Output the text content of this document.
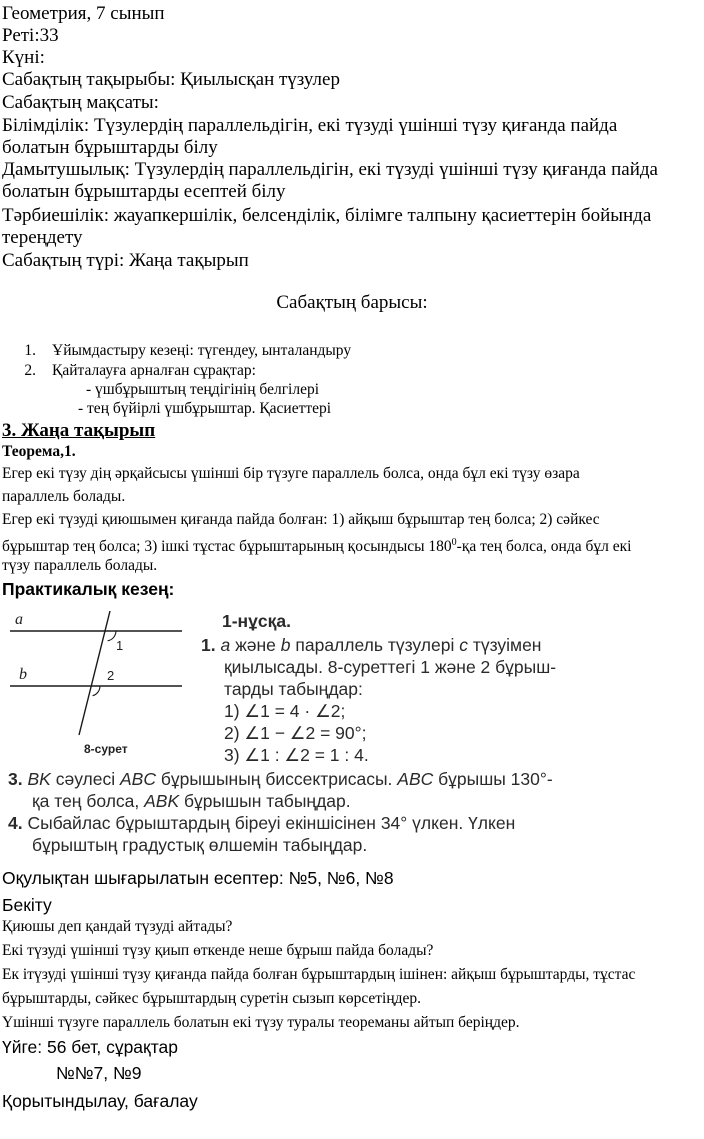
Геометрия, 7 сынып
Реті:33
Күні:
Сабақтың тақырыбы: Қиылысқан түзулер
Сабақтың мақсаты:
Білімділік: Түзулердің параллельдігін, екі түзуді үшінші түзу қиғанда пайда
болатын бұрыштарды білу
Дамытушылық: Түзулердің параллельдігін, екі түзуді үшінші түзу қиғанда пайда
болатын бұрыштарды есептей білу
Тәрбиешілік: жауапкершілік, белсенділік, білімге талпыну қасиеттерін бойында
тереңдету
Сабақтың түрі: Жаңа тақырып
Сабақтың барысы:
1. Ұйымдастыру кезеңі: түгендеу, ынталандыру
2. Қайталауға арналған сұрақтар:
- үшбұрыштың теңдігінің белгілері
- тең бүйірлі үшбұрыштар. Қасиеттері
3. Жаңа тақырып
Теорема,1.
Егер екі түзу дің әрқайсысы үшінші бір түзуге параллель болса, онда бұл екі түзу өзара
параллель болады.
Егер екі түзуді қиюшымен қиғанда пайда болған: 1) айқыш бұрыштар тең болса; 2) сәйкес
бұрыштар тең болса; 3) ішкі тұстас бұрыштарының қосындысы $180^0-қа$ тең болса, онда бұл екі
түзу параллель болады.
Практикалық кезең:
a
b
1
2
8-сурет
1-нұсқа.
1. a және b параллель түзулері c түзуімен
қиылысады. 8-суреттегі 1 және 2 бұрыш-
тарды табыңдар:
1) ∠1 = 4 · ∠2;
2) ∠1 − ∠2 = 90°;
3) ∠1 : ∠2 = 1 : 4.
3. BK сәулесі ABC бұрышының биссектрисасы. ABC бұрышы 130°-
қа тең болса, ABK бұрышын табыңдар.
4. Сыбайлас бұрыштардың біреуі екіншісінен 34° үлкен. Үлкен
бұрыштың градустық өлшемін табыңдар.
Оқулықтан шығарылатын есептер: №5, №6, №8
Бекіту
Қиюшы деп қандай түзуді айтады?
Екі түзуді үшінші түзу қиып өткенде неше бұрыш пайда болады?
Ек ітүзуді үшінші түзу қиғанда пайда болған бұрыштардың ішінен: айқыш бұрыштарды, тұстас
бұрыштарды, сәйкес бұрыштардың суретін сызып көрсетіңдер.
Үшінші түзуге параллель болатын екі түзу туралы теореманы айтып беріңдер.
Үйге: 56 бет, сұрақтар
№№7, №9
Қорытындылау, бағалау
